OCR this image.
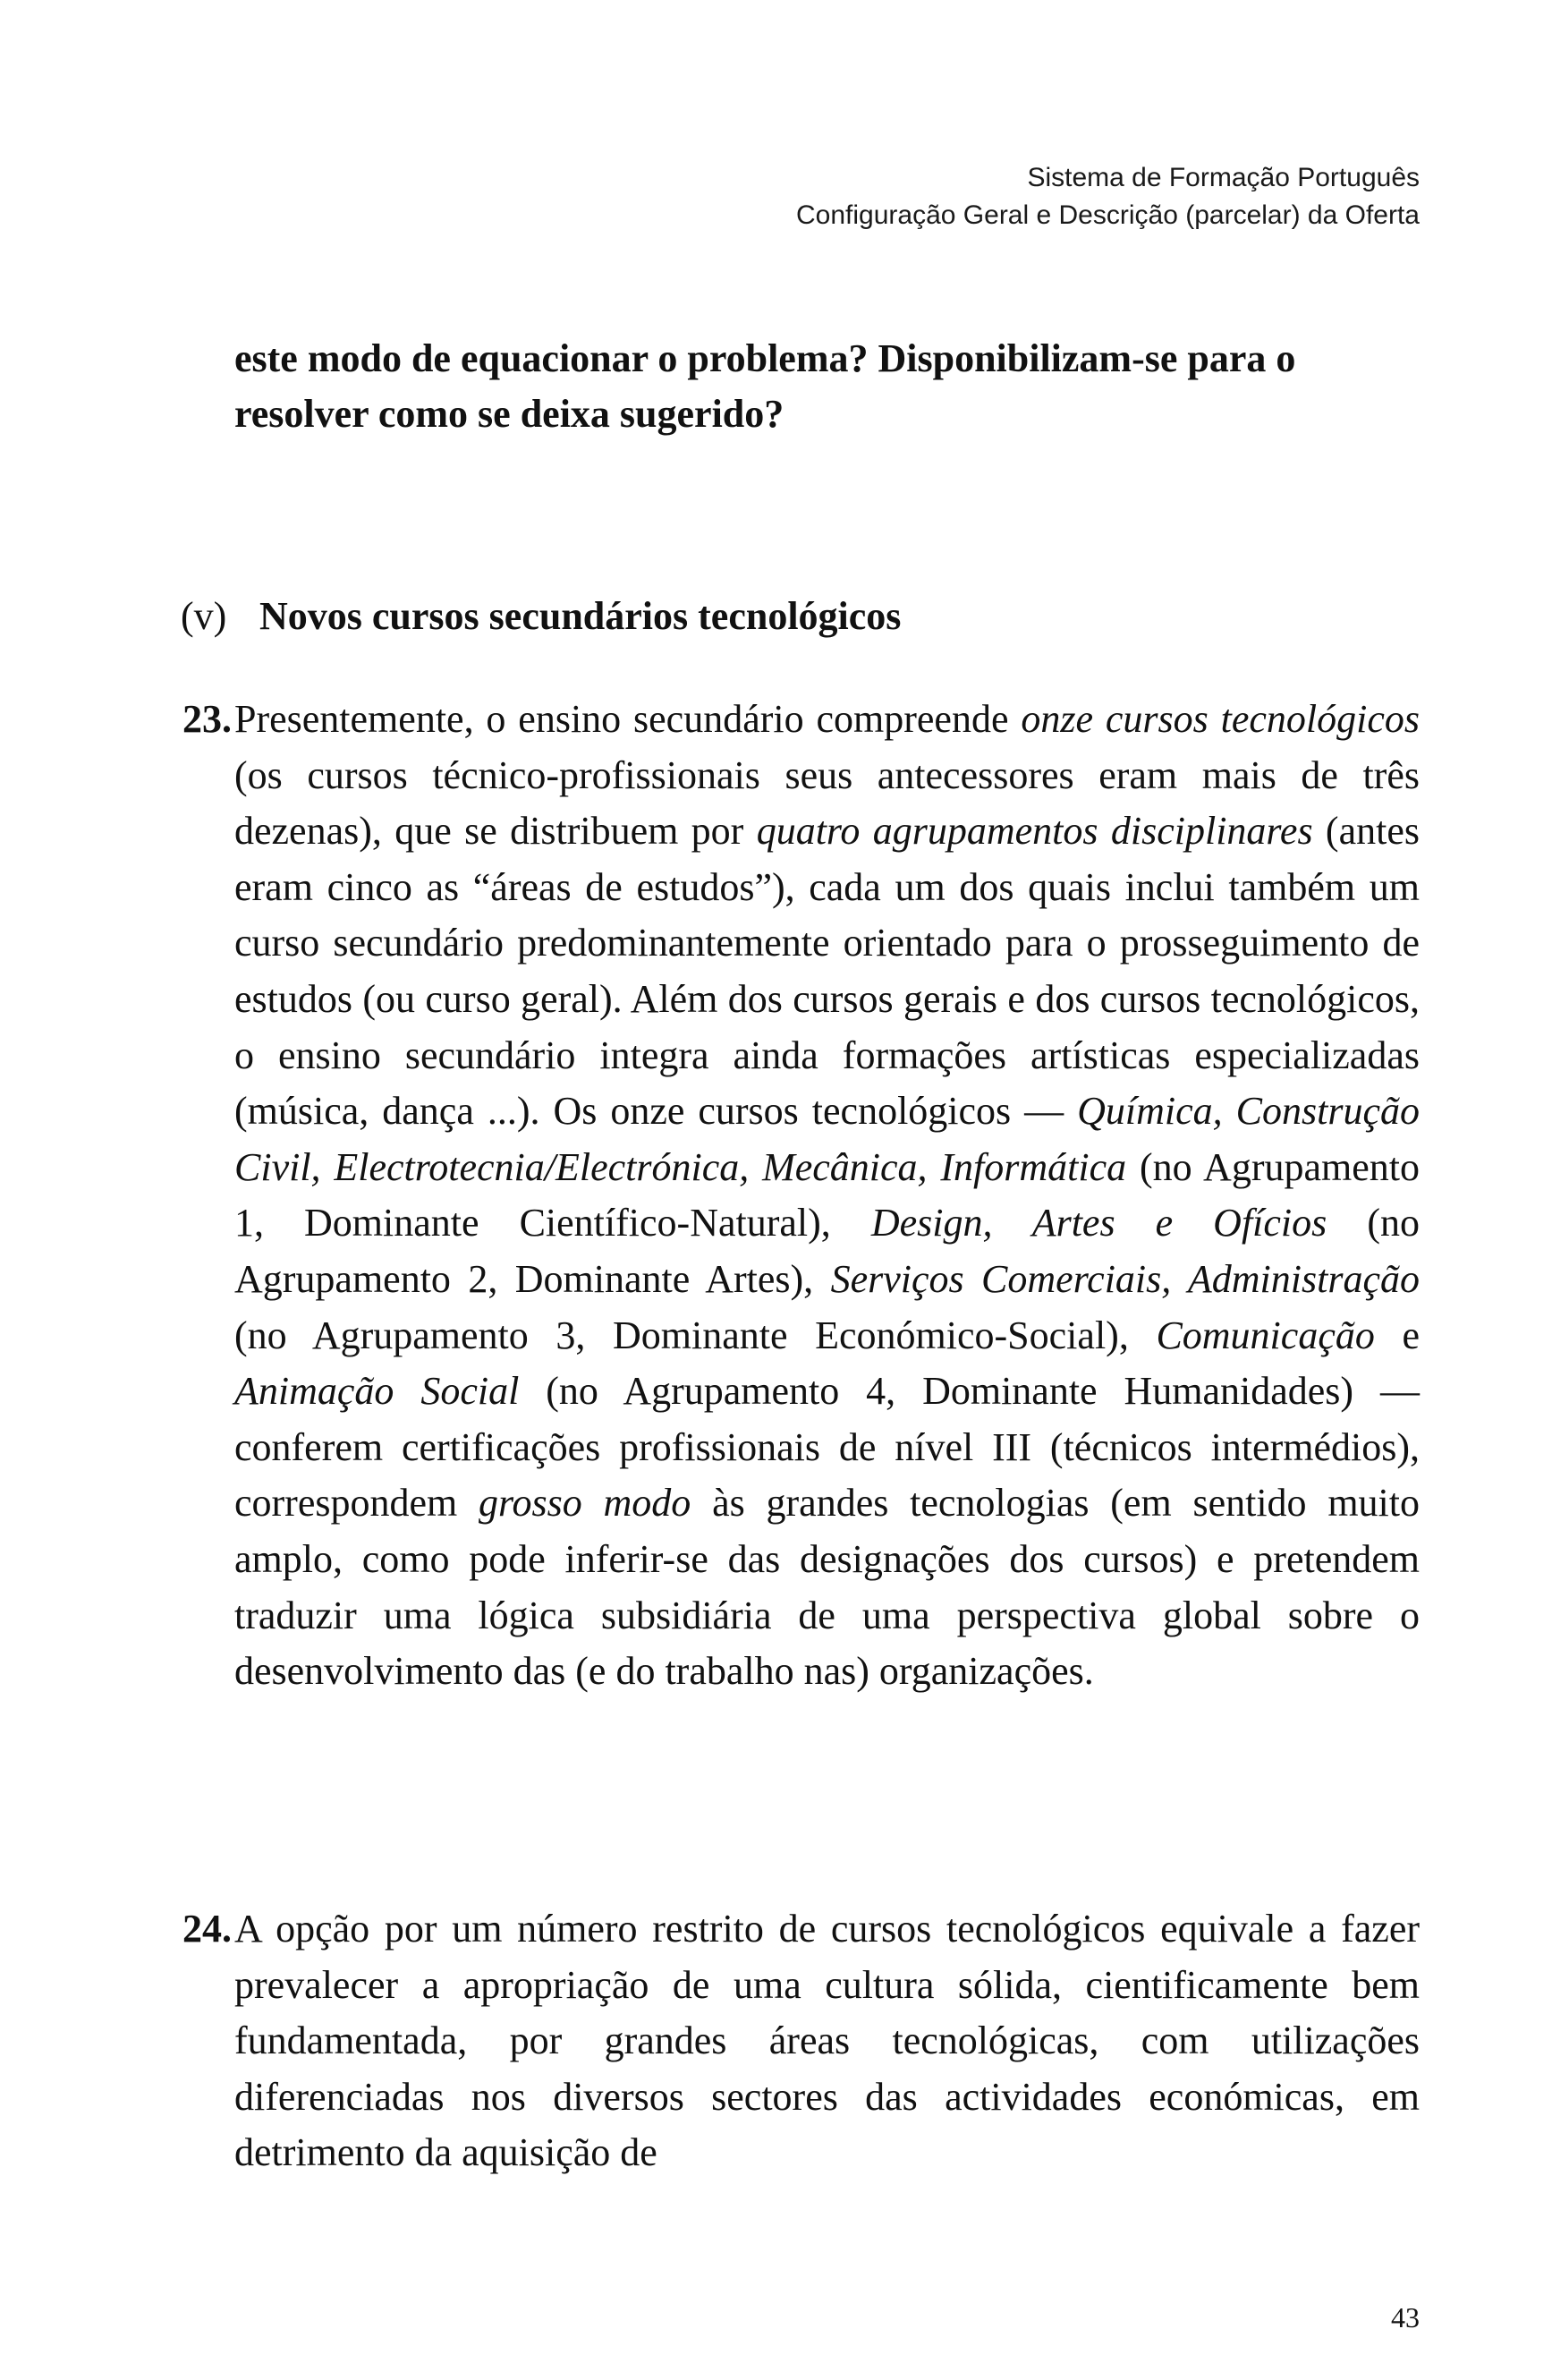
Sistema de Formação Português
Configuração Geral e Descrição (parcelar) da Oferta
este modo de equacionar o problema? Disponibilizam-se para o resolver como se deixa sugerido?
(v) Novos cursos secundários tecnológicos
23. Presentemente, o ensino secundário compreende onze cursos tecnológicos (os cursos técnico-profissionais seus antecessores eram mais de três dezenas), que se distribuem por quatro agrupamentos disciplinares (antes eram cinco as “áreas de estudos”), cada um dos quais inclui também um curso secundário predominantemente orientado para o prosseguimento de estudos (ou curso geral). Além dos cursos gerais e dos cursos tecnológicos, o ensino secundário integra ainda formações artísticas especializadas (música, dança ...). Os onze cursos tecnológicos — Química, Construção Civil, Electrotecnia/Electrónica, Mecânica, Informática (no Agrupamento 1, Dominante Científico-Natural), Design, Artes e Ofícios (no Agrupamento 2, Dominante Artes), Serviços Comerciais, Administração (no Agrupamento 3, Dominante Económico-Social), Comunicação e Animação Social (no Agrupamento 4, Dominante Humanidades) — conferem certificações profissionais de nível III (técnicos intermédios), correspondem grosso modo às grandes tecnologias (em sentido muito amplo, como pode inferir-se das designações dos cursos) e pretendem traduzir uma lógica subsidiária de uma perspectiva global sobre o desenvolvimento das (e do trabalho nas) organizações.
24. A opção por um número restrito de cursos tecnológicos equivale a fazer prevalecer a apropriação de uma cultura sólida, cientificamente bem fundamentada, por grandes áreas tecnológicas, com utilizações diferenciadas nos diversos sectores das actividades económicas, em detrimento da aquisição de
43
